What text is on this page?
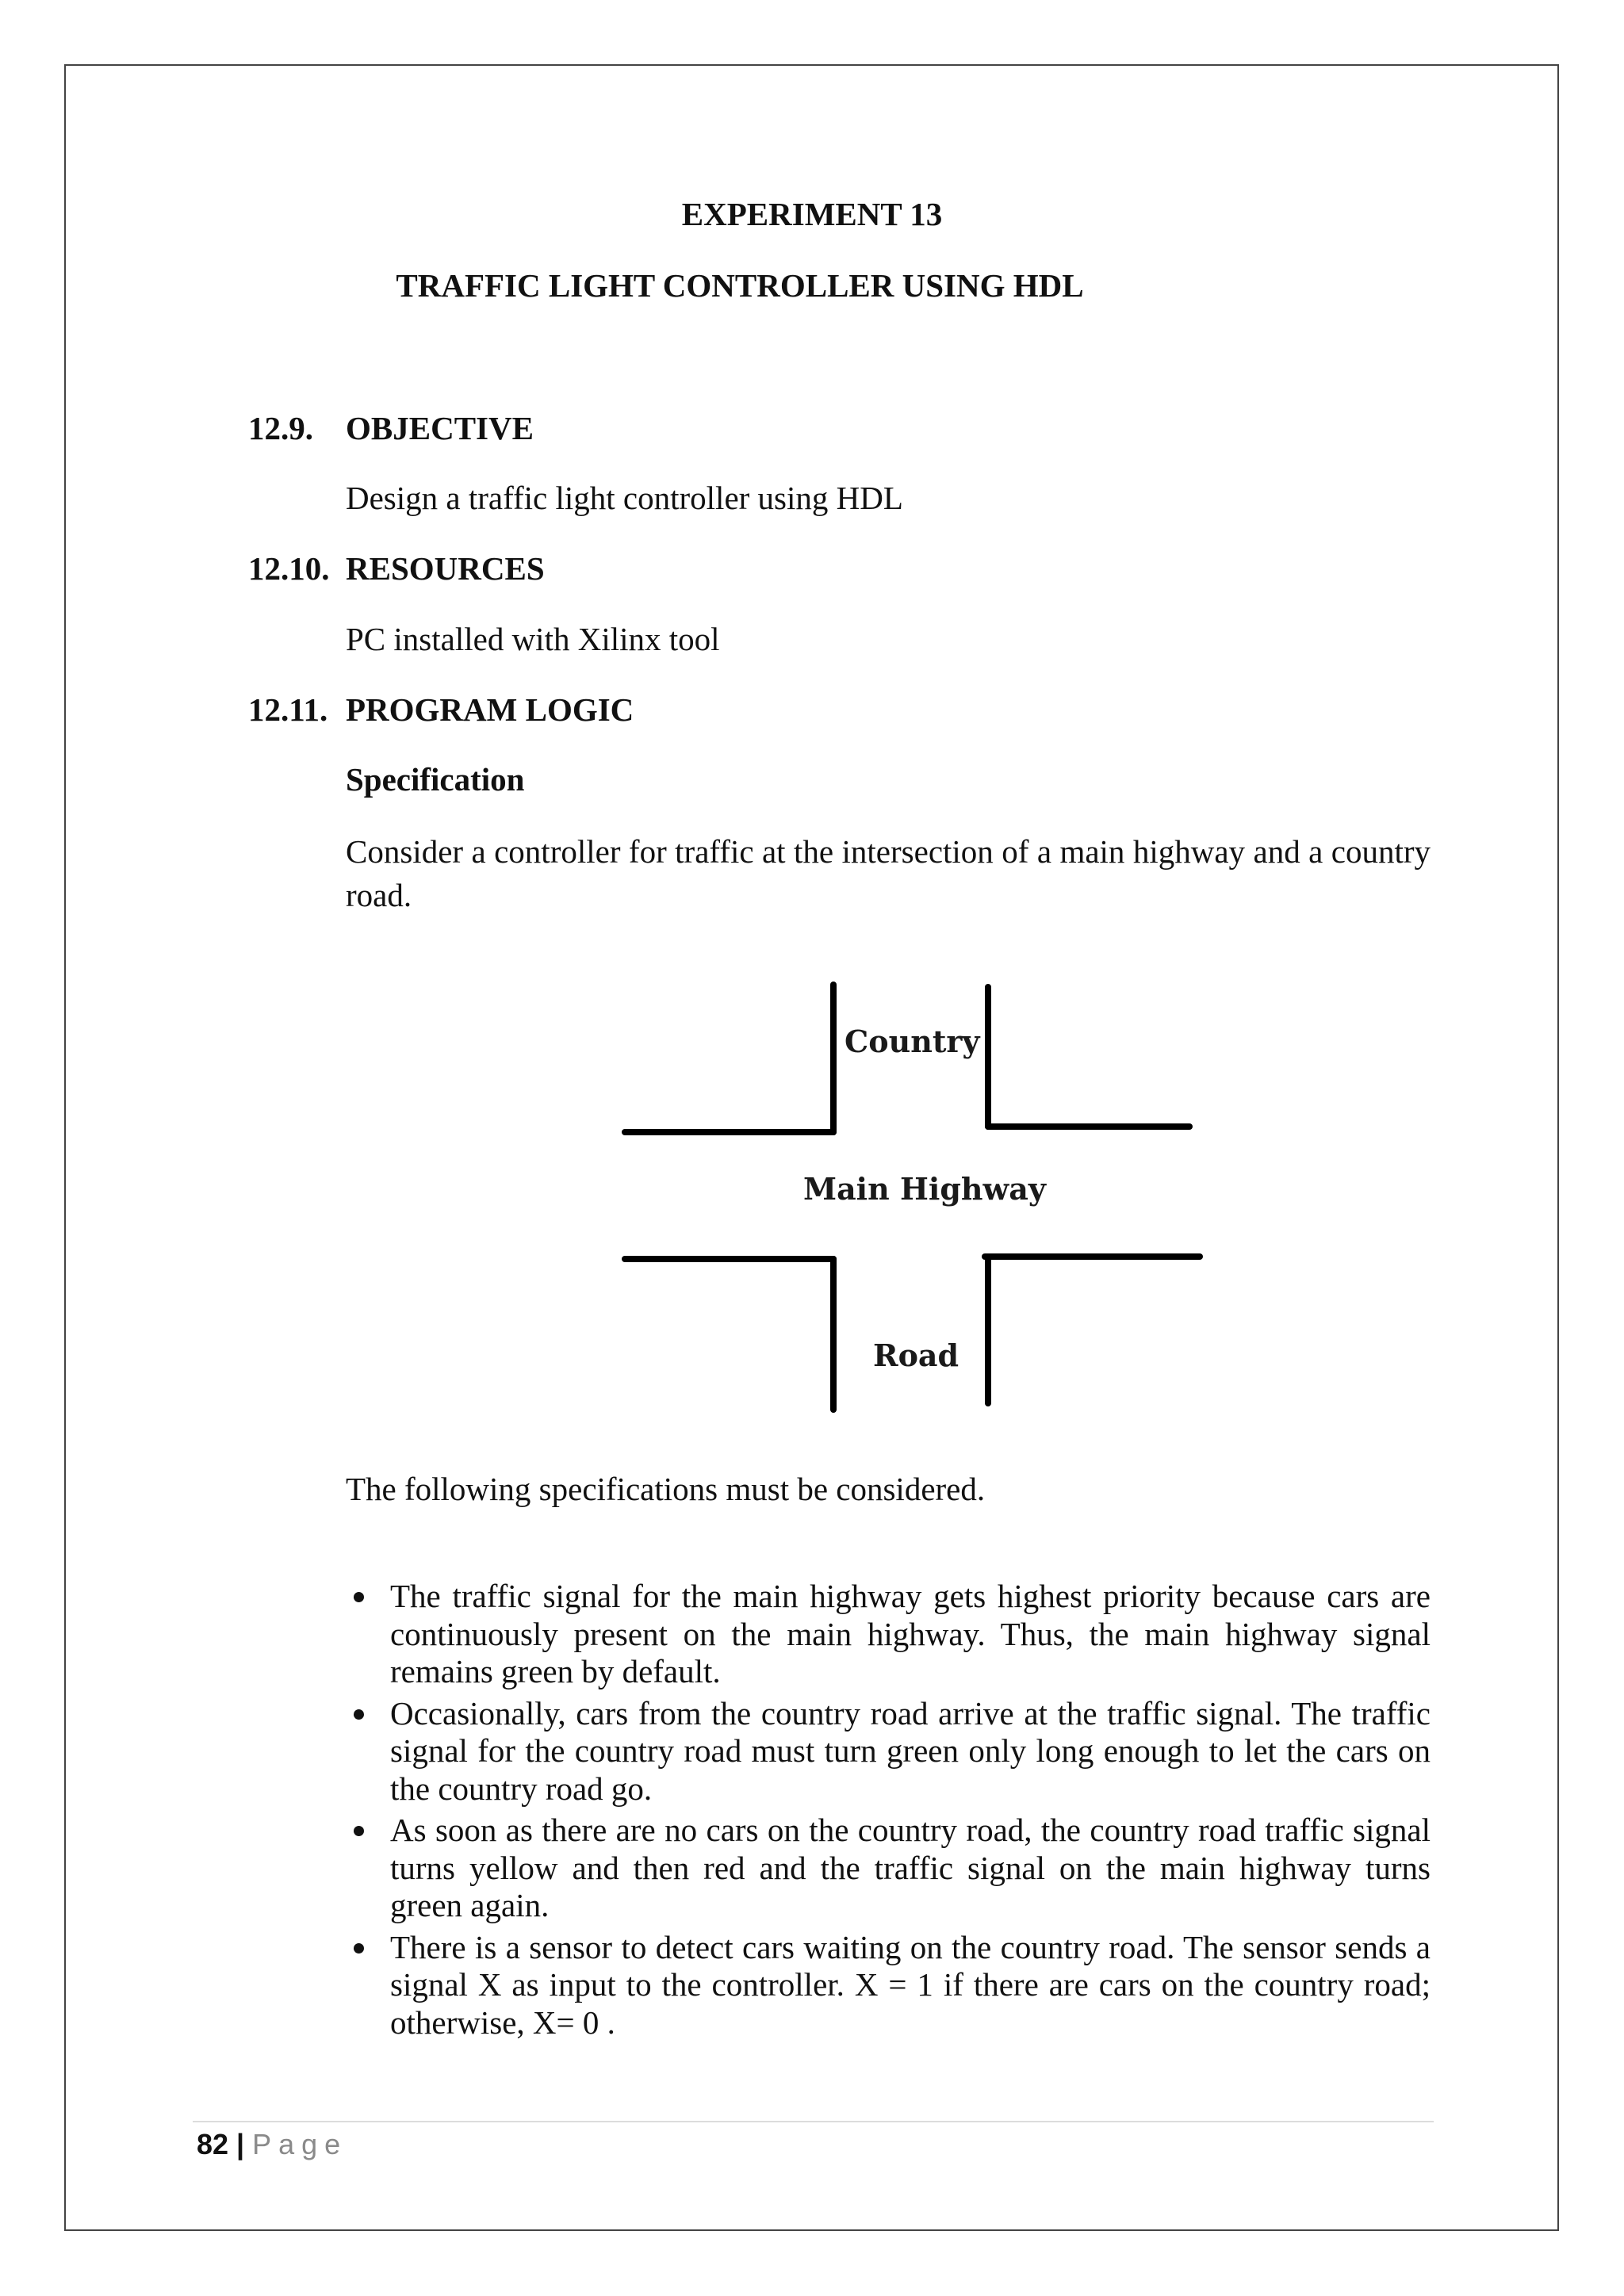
EXPERIMENT 13
TRAFFIC LIGHT CONTROLLER USING HDL
12.9. OBJECTIVE
Design a traffic light controller using HDL
12.10. RESOURCES
PC installed with Xilinx tool
12.11. PROGRAM LOGIC
Specification
Consider a controller for traffic at the intersection of a main highway and a country road.
Country
Main Highway
Road
The following specifications must be considered.
The traffic signal for the main highway gets highest priority because cars are continuously present on the main highway. Thus, the main highway signal remains green by default.
Occasionally, cars from the country road arrive at the traffic signal. The traffic signal for the country road must turn green only long enough to let the cars on the country road go.
As soon as there are no cars on the country road, the country road traffic signal turns yellow and then red and the traffic signal on the main highway turns green again.
There is a sensor to detect cars waiting on the country road. The sensor sends a signal X as input to the controller. X = 1 if there are cars on the country road; otherwise, X= 0 .
82 | Page
